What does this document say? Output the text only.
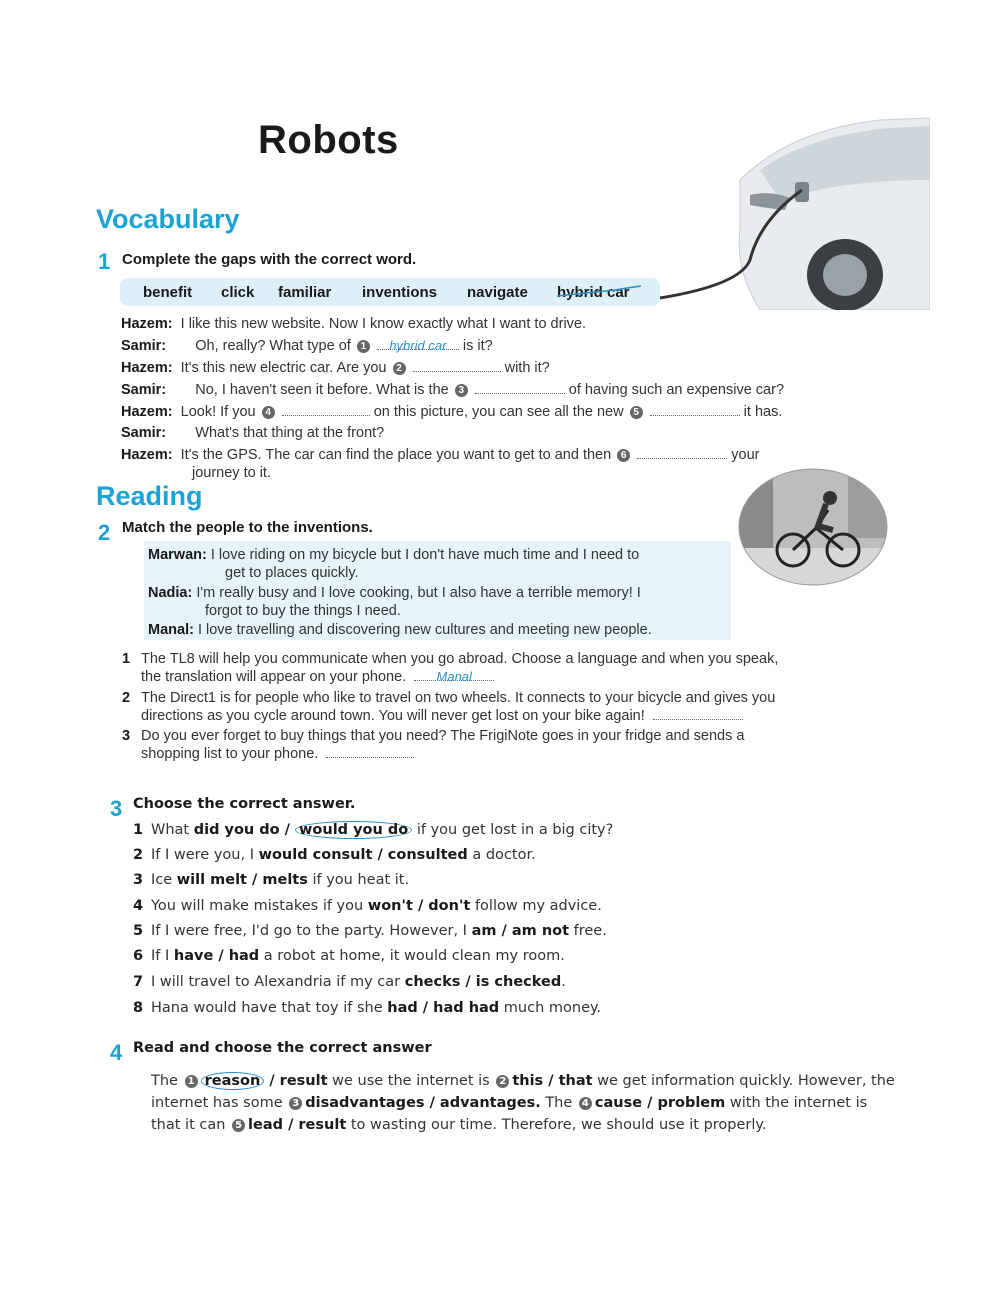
Robots
Vocabulary
1 Complete the gaps with the correct word.
benefit click familiar inventions navigate hybrid car
Hazem: I like this new website. Now I know exactly what I want to drive.
Samir: Oh, really? What type of 1 hybrid car is it?
Hazem: It's this new electric car. Are you 2	with it?
Samir: No, I haven't seen it before. What is the 3	of having such an expensive car?
Hazem: Look! If you 4	on this picture, you can see all the new 5	it has.
Samir: What's that thing at the front?
Hazem: It's the GPS. The car can find the place you want to get to and then 6	your
journey to it.
Reading
2 Match the people to the inventions.
Marwan: I love riding on my bicycle but I don't have much time and I need to
get to places quickly.
Nadia: I'm really busy and I love cooking, but I also have a terrible memory! I
forgot to buy the things I need.
Manal: I love travelling and discovering new cultures and meeting new people.
1 The TL8 will help you communicate when you go abroad. Choose a language and when you speak,
the translation will appear on your phone. Manal
2 The Direct1 is for people who like to travel on two wheels. It connects to your bicycle and gives you
directions as you cycle around town. You will never get lost on your bike again!
3 Do you ever forget to buy things that you need? The FrigiNote goes in your fridge and sends a
shopping list to your phone.
3 Choose the correct answer.
1 What did you do / would you do if you get lost in a big city?
2 If I were you, I would consult / consulted a doctor.
3 Ice will melt / melts if you heat it.
4 You will make mistakes if you won't / don't follow my advice.
5 If I were free, I'd go to the party. However, I am / am not free.
6 If I have / had a robot at home, it would clean my room.
7 I will travel to Alexandria if my car checks / is checked.
8 Hana would have that toy if she had / had had much money.
4 Read and choose the correct answer
The 1 reason / result we use the internet is 2 this / that we get information quickly. However, the
internet has some 3 disadvantages / advantages. The 4 cause / problem with the internet is
that it can 5 lead / result to wasting our time. Therefore, we should use it properly.
